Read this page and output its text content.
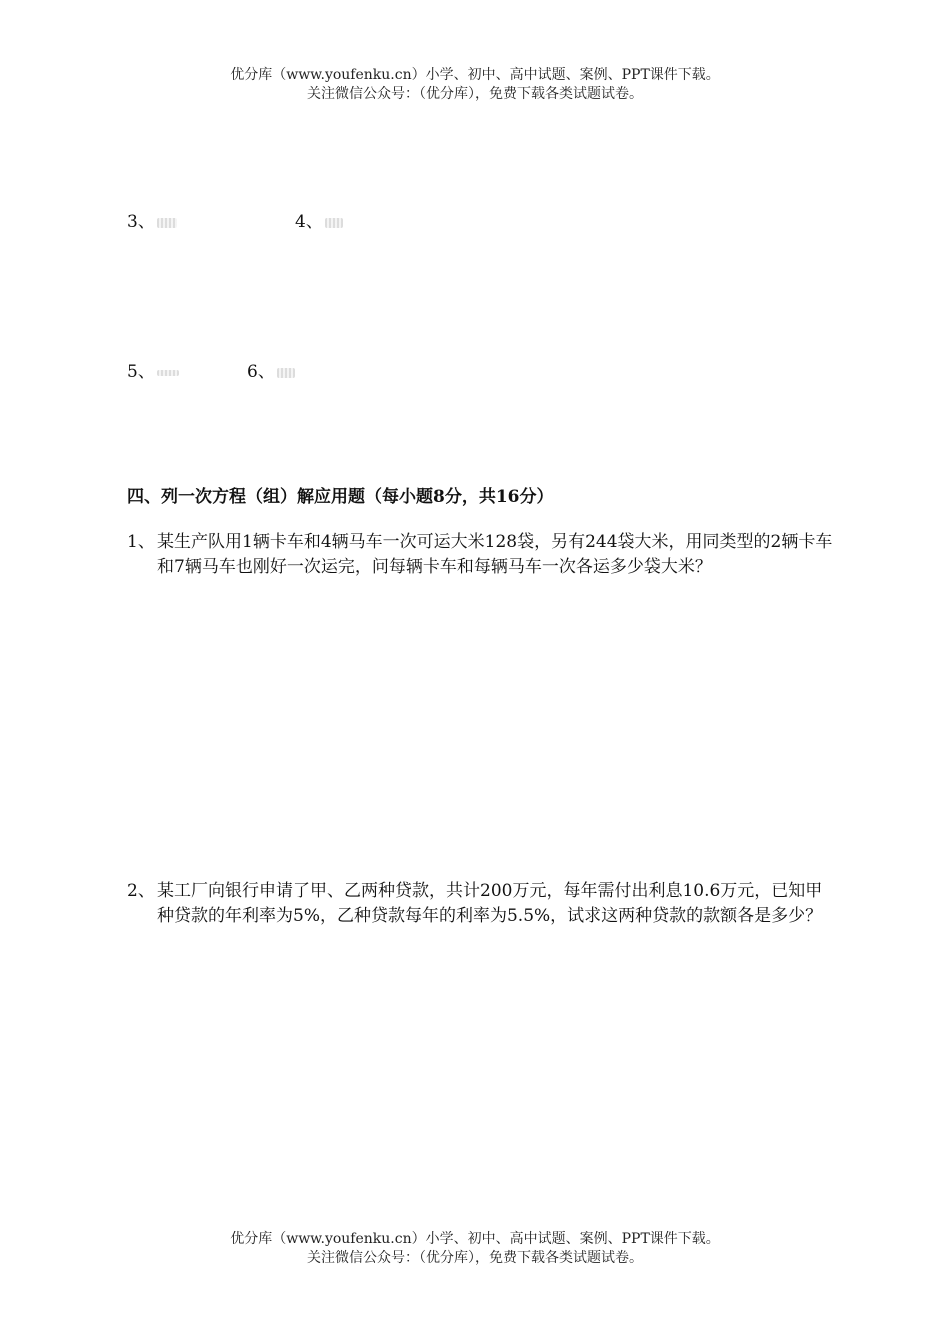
优分库（www.youfenku.cn）小学、初中、高中试题、案例、PPT课件下载。
关注微信公众号：（优分库），免费下载各类试题试卷。
3、	4、
5、	6、
四、列一次方程（组）解应用题（每小题8分，共16分）
1、 某生产队用1辆卡车和4辆马车一次可运大米128袋，另有244袋大米，用同类型的2辆卡车和7辆马车也刚好一次运完，问每辆卡车和每辆马车一次各运多少袋大米？
2、 某工厂向银行申请了甲、乙两种贷款，共计200万元，每年需付出利息10.6万元，已知甲种贷款的年利率为5%，乙种贷款每年的利率为5.5%，试求这两种贷款的款额各是多少？
优分库（www.youfenku.cn）小学、初中、高中试题、案例、PPT课件下载。
关注微信公众号：（优分库），免费下载各类试题试卷。
